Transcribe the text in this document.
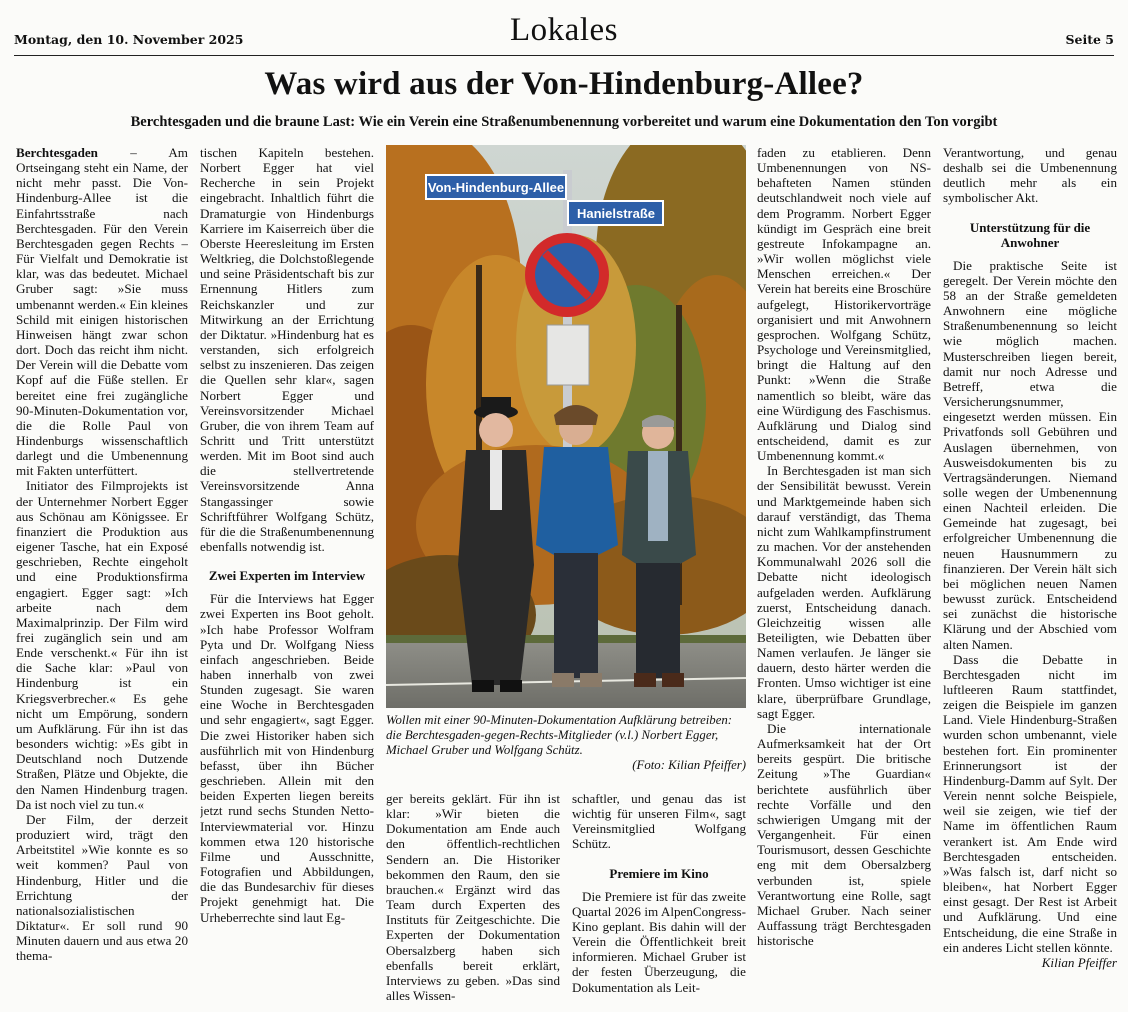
Montag, den 10. November 2025	Lokales	Seite 5
Was wird aus der Von-Hindenburg-Allee?
Berchtesgaden und die braune Last: Wie ein Verein eine Straßenumbenennung vorbereitet und warum eine Dokumentation den Ton vorgibt

Berchtesgaden – Am Ortseingang steht ein Name, der nicht mehr passt. Die Von-Hindenburg-Allee ist die Einfahrtsstraße nach Berchtesgaden. Für den Verein Berchtesgaden gegen Rechts – Für Vielfalt und Demokratie ist klar, was das bedeutet. Michael Gruber sagt: »Sie muss umbenannt werden.« Ein kleines Schild mit einigen historischen Hinweisen hängt zwar schon dort. Doch das reicht ihm nicht. Der Verein will die Debatte vom Kopf auf die Füße stellen. Er bereitet eine frei zugängliche 90-Minuten-Dokumentation vor, die die Rolle Paul von Hindenburgs wissenschaftlich darlegt und die Umbenennung mit Fakten unterfüttert.

Initiator des Filmprojekts ist der Unternehmer Norbert Egger aus Schönau am Königssee. Er finanziert die Produktion aus eigener Tasche, hat ein Exposé geschrieben, Rechte eingeholt und eine Produktionsfirma engagiert. Egger sagt: »Ich arbeite nach dem Maximalprinzip. Der Film wird frei zugänglich sein und am Ende verschenkt.« Für ihn ist die Sache klar: »Paul von Hindenburg ist ein Kriegsverbrecher.« Es gehe nicht um Empörung, sondern um Aufklärung. Für ihn ist das besonders wichtig: »Es gibt in Deutschland noch Dutzende Straßen, Plätze und Objekte, die den Namen Hindenburg tragen. Da ist noch viel zu tun.«

Der Film, der derzeit produziert wird, trägt den Arbeitstitel »Wie konnte es so weit kommen? Paul von Hindenburg, Hitler und die Errichtung der nationalsozialistischen Diktatur«. Er soll rund 90 Minuten dauern und aus etwa 20 thema-

tischen Kapiteln bestehen. Norbert Egger hat viel Recherche in sein Projekt eingebracht. Inhaltlich führt die Dramaturgie von Hindenburgs Karriere im Kaiserreich über die Oberste Heeresleitung im Ersten Weltkrieg, die Dolchstoßlegende und seine Präsidentschaft bis zur Ernennung Hitlers zum Reichskanzler und zur Mitwirkung an der Errichtung der Diktatur. »Hindenburg hat es verstanden, sich erfolgreich selbst zu inszenieren. Das zeigen die Quellen sehr klar«, sagen Norbert Egger und Vereinsvorsitzender Michael Gruber, die von ihrem Team auf Schritt und Tritt unterstützt werden. Mit im Boot sind auch die stellvertretende Vereinsvorsitzende Anna Stangassinger sowie Schriftführer Wolfgang Schütz, für die die Straßenumbenennung ebenfalls notwendig ist.

Zwei Experten im Interview

Für die Interviews hat Egger zwei Experten ins Boot geholt. »Ich habe Professor Wolfram Pyta und Dr. Wolfgang Niess einfach angeschrieben. Beide haben innerhalb von zwei Stunden zugesagt. Sie waren eine Woche in Berchtesgaden und sehr engagiert«, sagt Egger. Die zwei Historiker haben sich ausführlich mit von Hindenburg befasst, über ihn Bücher geschrieben. Allein mit den beiden Experten liegen bereits jetzt rund sechs Stunden Netto-Interviewmaterial vor. Hinzu kommen etwa 120 historische Filme und Ausschnitte, Fotografien und Abbildungen, die das Bundesarchiv für dieses Projekt genehmigt hat. Die Urheberrechte sind laut Eg-

Von-Hindenburg-Allee
Hanielstraße
Wollen mit einer 90-Minuten-Dokumentation Aufklärung betreiben: die Berchtesgaden-gegen-Rechts-Mitglieder (v.l.) Norbert Egger, Michael Gruber und Wolfgang Schütz.
(Foto: Kilian Pfeiffer)

ger bereits geklärt. Für ihn ist klar: »Wir bieten die Dokumentation am Ende auch den öffentlich-rechtlichen Sendern an. Die Historiker bekommen den Raum, den sie brauchen.« Ergänzt wird das Team durch Experten des Instituts für Zeitgeschichte. Die Experten der Dokumentation Obersalzberg haben sich ebenfalls bereit erklärt, Interviews zu geben. »Das sind alles Wissen-

schaftler, und genau das ist wichtig für unseren Film«, sagt Vereinsmitglied Wolfgang Schütz.

Premiere im Kino

Die Premiere ist für das zweite Quartal 2026 im AlpenCongress-Kino geplant. Bis dahin will der Verein die Öffentlichkeit breit informieren. Michael Gruber ist der festen Überzeugung, die Dokumentation als Leit-

faden zu etablieren. Denn Umbenennungen von NS-behafteten Namen stünden deutschlandweit noch viele auf dem Programm. Norbert Egger kündigt im Gespräch eine breit gestreute Infokampagne an. »Wir wollen möglichst viele Menschen erreichen.« Der Verein hat bereits eine Broschüre aufgelegt, Historikervorträge organisiert und mit Anwohnern gesprochen. Wolfgang Schütz, Psychologe und Vereinsmitglied, bringt die Haltung auf den Punkt: »Wenn die Straße namentlich so bleibt, wäre das eine Würdigung des Faschismus. Aufklärung und Dialog sind entscheidend, damit es zur Umbenennung kommt.«

In Berchtesgaden ist man sich der Sensibilität bewusst. Verein und Marktgemeinde haben sich darauf verständigt, das Thema nicht zum Wahlkampfinstrument zu machen. Vor der anstehenden Kommunalwahl 2026 soll die Debatte nicht ideologisch aufgeladen werden. Aufklärung zuerst, Entscheidung danach. Gleichzeitig wissen alle Beteiligten, wie Debatten über Namen verlaufen. Je länger sie dauern, desto härter werden die Fronten. Umso wichtiger ist eine klare, überprüfbare Grundlage, sagt Egger.

Die internationale Aufmerksamkeit hat der Ort bereits gespürt. Die britische Zeitung »The Guardian« berichtete ausführlich über rechte Vorfälle und den schwierigen Umgang mit der Vergangenheit. Für einen Tourismusort, dessen Geschichte eng mit dem Obersalzberg verbunden ist, spiele Verantwortung eine Rolle, sagt Michael Gruber. Nach seiner Auffassung trägt Berchtesgaden historische

Verantwortung, und genau deshalb sei die Umbenennung deutlich mehr als ein symbolischer Akt.

Unterstützung für die Anwohner

Die praktische Seite ist geregelt. Der Verein möchte den 58 an der Straße gemeldeten Anwohnern eine mögliche Straßenumbenennung so leicht wie möglich machen. Musterschreiben liegen bereit, damit nur noch Adresse und Betreff, etwa die Versicherungsnummer, eingesetzt werden müssen. Ein Privatfonds soll Gebühren und Auslagen übernehmen, von Ausweisdokumenten bis zu Vertragsänderungen. Niemand solle wegen der Umbenennung einen Nachteil erleiden. Die Gemeinde hat zugesagt, bei erfolgreicher Umbenennung die neuen Hausnummern zu finanzieren. Der Verein hält sich bei möglichen neuen Namen bewusst zurück. Entscheidend sei zunächst die historische Klärung und der Abschied vom alten Namen.

Dass die Debatte in Berchtesgaden nicht im luftleeren Raum stattfindet, zeigen die Beispiele im ganzen Land. Viele Hindenburg-Straßen wurden schon umbenannt, viele bestehen fort. Ein prominenter Erinnerungsort ist der Hindenburg-Damm auf Sylt. Der Verein nennt solche Beispiele, weil sie zeigen, wie tief der Name im öffentlichen Raum verankert ist. Am Ende wird Berchtesgaden entscheiden. »Was falsch ist, darf nicht so bleiben«, hat Norbert Egger einst gesagt. Der Rest ist Arbeit und Aufklärung. Und eine Entscheidung, die eine Straße in ein anderes Licht stellen könnte.

Kilian Pfeiffer
